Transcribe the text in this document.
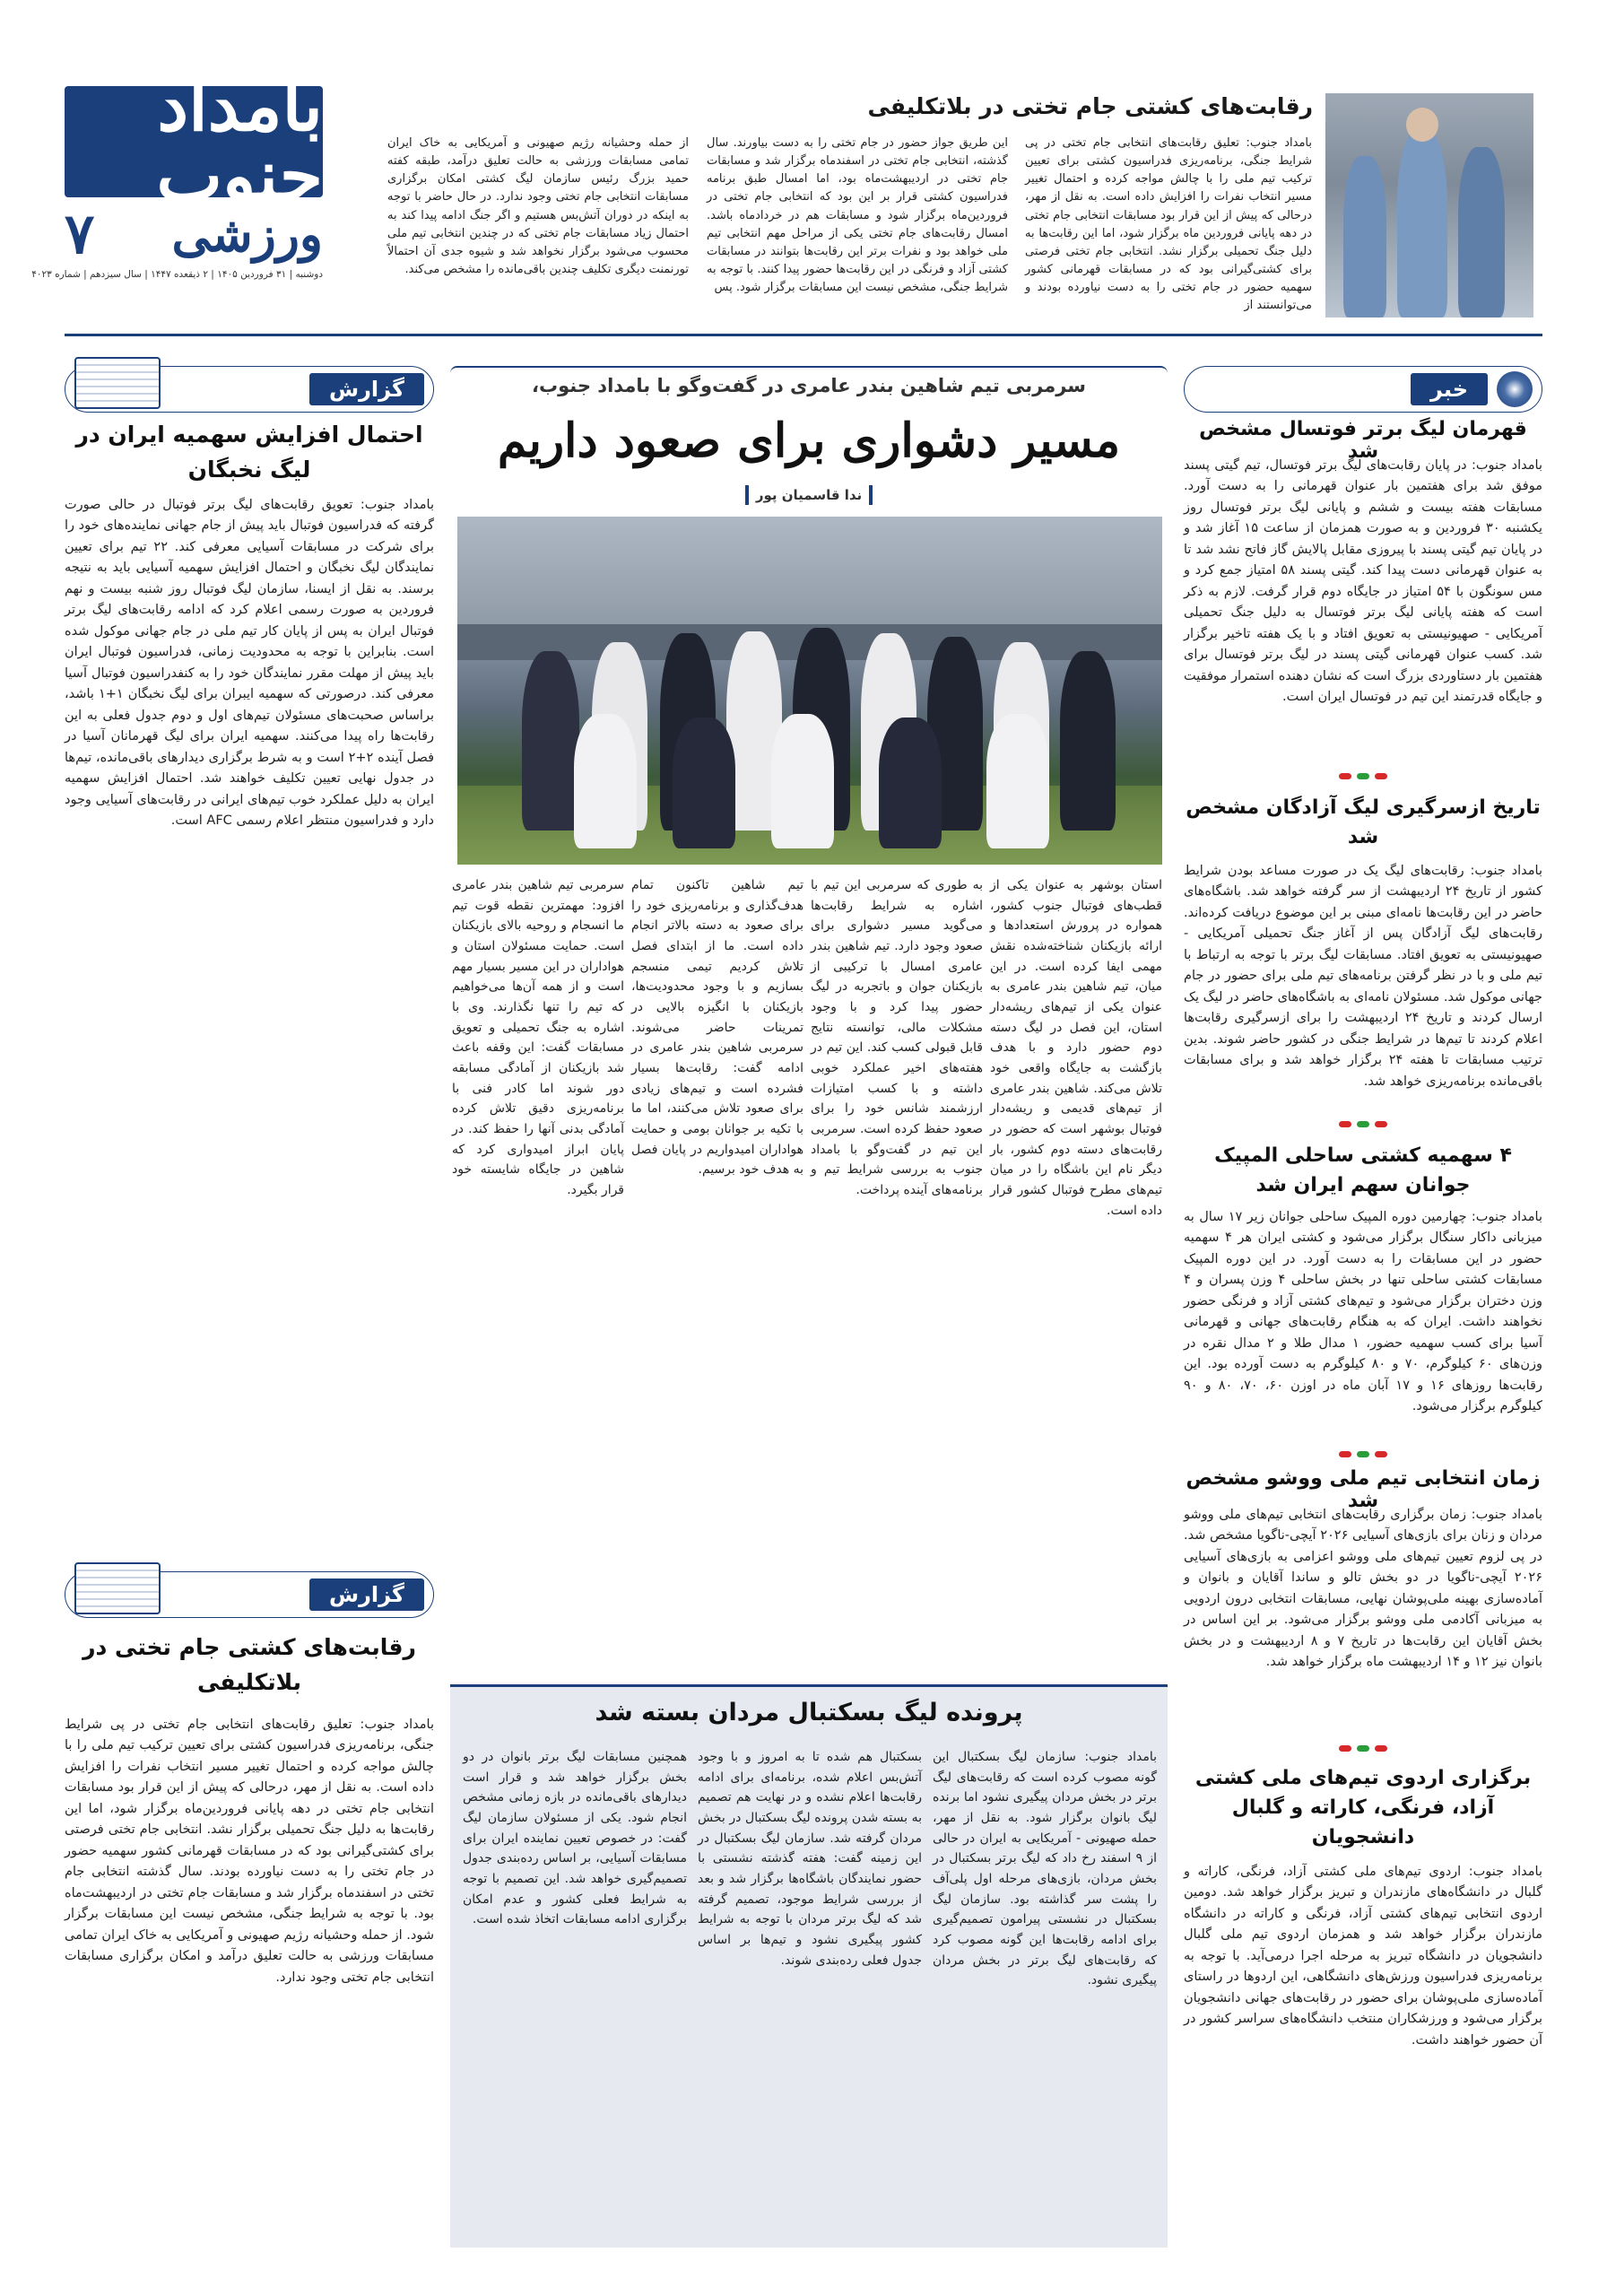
بامداد جنوب
۷ ورزشی
دوشنبه | ۳۱ فروردین ۱۴۰۵ | ۲ ذیقعده ۱۴۴۷ | سال سیزدهم | شماره ۴۰۲۳
رقابت‌های کشتی جام تختی در بلاتکلیفی
بامداد جنوب: تعلیق رقابت‌های انتخابی جام تختی در پی شرایط جنگی، برنامه‌ریزی فدراسیون کشتی برای تعیین ترکیب تیم ملی را با چالش مواجه کرده و احتمال تغییر مسیر انتخاب نفرات را افزایش داده است. به نقل از مهر، درحالی که پیش از این قرار بود مسابقات انتخابی جام تختی در دهه پایانی فروردین ماه برگزار شود، اما این رقابت‌ها به دلیل جنگ تحمیلی برگزار نشد. انتخابی جام تختی فرصتی برای کشتی‌گیرانی بود که در مسابقات قهرمانی کشور سهمیه حضور در جام تختی را به دست نیاورده بودند و می‌توانستند از
این طریق جواز حضور در جام تختی را به دست بیاورند. سال گذشته، انتخابی جام تختی در اسفندماه برگزار شد و مسابقات جام تختی در اردیبهشت‌ماه بود، اما امسال طبق برنامه فدراسیون کشتی قرار بر این بود که انتخابی جام تختی در فروردین‌ماه برگزار شود و مسابقات هم در خردادماه باشد. امسال رقابت‌های جام تختی یکی از مراحل مهم انتخابی تیم ملی خواهد بود و نفرات برتر این رقابت‌ها بتوانند در مسابقات کشتی آزاد و فرنگی در این رقابت‌ها حضور پیدا کنند. با توجه به شرایط جنگی، مشخص نیست این مسابقات برگزار شود. پس
از حمله وحشیانه رژیم صهیونی و آمریکایی به خاک ایران تمامی مسابقات ورزشی به حالت تعلیق درآمد، طبقه کفته حمید بزرگ رئیس سازمان لیگ کشتی امکان برگزاری مسابقات انتخابی جام تختی وجود ندارد. در حال حاضر با توجه به اینکه در دوران آتش‌بس هستیم و اگر جنگ ادامه پیدا کند به احتمال زیاد مسابقات جام تختی که در چندین انتخابی تیم ملی محسوب می‌شود برگزار نخواهد شد و شیوه جدی آن احتمالاً تورنمنت دیگری تکلیف چندین باقی‌مانده را مشخص می‌کند.
خبر
قهرمان لیگ برتر فوتسال مشخص شد
بامداد جنوب: در پایان رقابت‌های لیگ برتر فوتسال، تیم گیتی پسند موفق شد برای هفتمین بار عنوان قهرمانی را به دست آورد. مسابقات هفته بیست و ششم و پایانی لیگ برتر فوتسال روز یکشنبه ۳۰ فروردین و به صورت همزمان از ساعت ۱۵ آغاز شد و در پایان تیم گیتی پسند با پیروزی مقابل پالایش گاز فاتح نشد شد تا به عنوان قهرمانی دست پیدا کند. گیتی پسند ۵۸ امتیاز جمع کرد و مس سونگون با ۵۴ امتیاز در جایگاه دوم قرار گرفت. لازم به ذکر است که هفته پایانی لیگ برتر فوتسال به دلیل جنگ تحمیلی آمریکایی - صهیونیستی به تعویق افتاد و با یک هفته تاخیر برگزار شد. کسب عنوان قهرمانی گیتی پسند در لیگ برتر فوتسال برای هفتمین بار دستاوردی بزرگ است که نشان دهنده استمرار موفقیت و جایگاه قدرتمند این تیم در فوتسال ایران است.
تاریخ ازسرگیری لیگ آزادگان مشخص شد
بامداد جنوب: رقابت‌های لیگ یک در صورت مساعد بودن شرایط کشور از تاریخ ۲۴ اردیبهشت از سر گرفته خواهد شد. باشگاه‌های حاضر در این رقابت‌ها نامه‌ای مبنی بر این موضوع دریافت کرده‌اند. رقابت‌های لیگ آزادگان پس از آغاز جنگ تحمیلی آمریکایی - صهیونیستی به تعویق افتاد. مسابقات لیگ برتر با توجه به ارتباط با تیم ملی و با در نظر گرفتن برنامه‌های تیم ملی برای حضور در جام جهانی موکول شد. مسئولان نامه‌ای به باشگاه‌های حاضر در لیگ یک ارسال کردند و تاریخ ۲۴ اردیبهشت را برای ازسرگیری رقابت‌ها اعلام کردند تا تیم‌ها در شرایط جنگی در کشور حاضر شوند. بدین ترتیب مسابقات تا هفته ۲۴ برگزار خواهد شد و برای مسابقات باقی‌مانده برنامه‌ریزی خواهد شد.
۴ سهمیه کشتی ساحلی المپیک جوانان سهم ایران شد
بامداد جنوب: چهارمین دوره المپیک ساحلی جوانان زیر ۱۷ سال به میزبانی داکار سنگال برگزار می‌شود و کشتی ایران هر ۴ سهمیه حضور در این مسابقات را به دست آورد. در این دوره المپیک مسابقات کشتی ساحلی تنها در بخش ساحلی ۴ وزن پسران و ۴ وزن دختران برگزار می‌شود و تیم‌های کشتی آزاد و فرنگی حضور نخواهند داشت. ایران که به هنگام رقابت‌های جهانی و قهرمانی آسیا برای کسب سهمیه حضور، ۱ مدال طلا و ۲ مدال نقره در وزن‌های ۶۰ کیلوگرم، ۷۰ و ۸۰ کیلوگرم به دست آورده بود. این رقابت‌ها روزهای ۱۶ و ۱۷ آبان ماه در اوزن ۶۰، ۷۰، ۸۰ و ۹۰ کیلوگرم برگزار می‌شود.
زمان انتخابی تیم ملی ووشو مشخص شد
بامداد جنوب: زمان برگزاری رقابت‌های انتخابی تیم‌های ملی ووشو مردان و زنان برای بازی‌های آسیایی ۲۰۲۶ آیچی-ناگویا مشخص شد. در پی لزوم تعیین تیم‌های ملی ووشو اعزامی به بازی‌های آسیایی ۲۰۲۶ آیچی-ناگویا در دو بخش تالو و ساندا آقایان و بانوان و آماده‌سازی بهینه ملی‌پوشان نهایی، مسابقات انتخابی درون اردویی به میزبانی آکادمی ملی ووشو برگزار می‌شود. بر این اساس در بخش آقایان این رقابت‌ها در تاریخ ۷ و ۸ اردیبهشت و در بخش بانوان نیز ۱۲ و ۱۴ اردیبهشت ماه برگزار خواهد شد.
برگزاری اردوی تیم‌های ملی کشتی آزاد، فرنگی، کاراته و گلبال دانشجویان
بامداد جنوب: اردوی تیم‌های ملی کشتی آزاد، فرنگی، کاراته و گلبال در دانشگاه‌های مازندران و تبریز برگزار خواهد شد. دومین اردوی انتخابی تیم‌های کشتی آزاد، فرنگی و کاراته در دانشگاه مازندران برگزار خواهد شد و همزمان اردوی تیم ملی گلبال دانشجویان در دانشگاه تبریز به مرحله اجرا درمی‌آید. با توجه به برنامه‌ریزی فدراسیون ورزش‌های دانشگاهی، این اردوها در راستای آماده‌سازی ملی‌پوشان برای حضور در رقابت‌های جهانی دانشجویان برگزار می‌شود و ورزشکاران منتخب دانشگاه‌های سراسر کشور در آن حضور خواهند داشت.
گزارش
احتمال افزایش سهمیه ایران در لیگ نخبگان
بامداد جنوب: تعویق رقابت‌های لیگ برتر فوتبال در حالی صورت گرفته که فدراسیون فوتبال باید پیش از جام جهانی نماینده‌های خود را برای شرکت در مسابقات آسیایی معرفی کند. ۲۲ تیم برای تعیین نمایندگان لیگ نخبگان و احتمال افزایش سهمیه آسیایی باید به نتیجه برسند. به نقل از ایسنا، سازمان لیگ فوتبال روز شنبه بیست و نهم فروردین به صورت رسمی اعلام کرد که ادامه رقابت‌های لیگ برتر فوتبال ایران به پس از پایان کار تیم ملی در جام جهانی موکول شده است. بنابراین با توجه به محدودیت زمانی، فدراسیون فوتبال ایران باید پیش از مهلت مقرر نمایندگان خود را به کنفدراسیون فوتبال آسیا معرفی کند. درصورتی که سهمیه ایبران برای لیگ نخبگان ۱+۱ باشد، براساس صحبت‌های مسئولان تیم‌های اول و دوم جدول فعلی به این رقابت‌ها راه پیدا می‌کنند. سهمیه ایران برای لیگ قهرمانان آسیا در فصل آینده ۲+۲ است و به شرط برگزاری دیدارهای باقی‌مانده، تیم‌ها در جدول نهایی تعیین تکلیف خواهند شد. احتمال افزایش سهمیه ایران به دلیل عملکرد خوب تیم‌های ایرانی در رقابت‌های آسیایی وجود دارد و فدراسیون منتظر اعلام رسمی AFC است.
گزارش
رقابت‌های کشتی جام تختی در بلاتکلیفی
بامداد جنوب: تعلیق رقابت‌های انتخابی جام تختی در پی شرایط جنگی، برنامه‌ریزی فدراسیون کشتی برای تعیین ترکیب تیم ملی را با چالش مواجه کرده و احتمال تغییر مسیر انتخاب نفرات را افزایش داده است. به نقل از مهر، درحالی که پیش از این قرار بود مسابقات انتخابی جام تختی در دهه پایانی فروردین‌ماه برگزار شود، اما این رقابت‌ها به دلیل جنگ تحمیلی برگزار نشد. انتخابی جام تختی فرصتی برای کشتی‌گیرانی بود که در مسابقات قهرمانی کشور سهمیه حضور در جام تختی را به دست نیاورده بودند. سال گذشته انتخابی جام تختی در اسفندماه برگزار شد و مسابقات جام تختی در اردیبهشت‌ماه بود. با توجه به شرایط جنگی، مشخص نیست این مسابقات برگزار شود. از حمله وحشیانه رژیم صهیونی و آمریکایی به خاک ایران تمامی مسابقات ورزشی به حالت تعلیق درآمد و امکان برگزاری مسابقات انتخابی جام تختی وجود ندارد.
سرمربی تیم شاهین بندر عامری در گفت‌وگو با بامداد جنوب،
مسیر دشواری برای صعود داریم
ندا قاسمیان پور
استان بوشهر به عنوان یکی از قطب‌های فوتبال جنوب کشور، همواره در پرورش استعدادها و ارائه بازیکنان شناخته‌شده نقش مهمی ایفا کرده است. در این میان، تیم شاهین بندر عامری به عنوان یکی از تیم‌های ریشه‌دار استان، این فصل در لیگ دسته دوم حضور دارد و با هدف بازگشت به جایگاه واقعی خود تلاش می‌کند. شاهین بندر عامری از تیم‌های قدیمی و ریشه‌دار فوتبال بوشهر است که حضور در رقابت‌های دسته دوم کشور، بار دیگر نام این باشگاه را در میان تیم‌های مطرح فوتبال کشور قرار داده است.
به طوری که سرمربی این تیم با اشاره به شرایط رقابت‌ها می‌گوید مسیر دشواری برای صعود وجود دارد. تیم شاهین بندر عامری امسال با ترکیبی از بازیکنان جوان و باتجربه در لیگ حضور پیدا کرد و با وجود مشکلات مالی، توانسته نتایج قابل قبولی کسب کند. این تیم در هفته‌های اخیر عملکرد خوبی داشته و با کسب امتیازات ارزشمند شانس خود را برای صعود حفظ کرده است. سرمربی این تیم در گفت‌وگو با بامداد جنوب به بررسی شرایط تیم و برنامه‌های آینده پرداخت.
تیم شاهین تاکنون تمام هدف‌گذاری و برنامه‌ریزی خود را برای صعود به دسته بالاتر انجام داده است. ما از ابتدای فصل تلاش کردیم تیمی منسجم بسازیم و با وجود محدودیت‌ها، بازیکنان با انگیزه بالایی در تمرینات حاضر می‌شوند. سرمربی شاهین بندر عامری در ادامه گفت: رقابت‌ها بسیار فشرده است و تیم‌های زیادی برای صعود تلاش می‌کنند، اما ما با تکیه بر جوانان بومی و حمایت هواداران امیدواریم در پایان فصل به هدف خود برسیم.
سرمربی تیم شاهین بندر عامری افزود: مهمترین نقطه قوت تیم ما انسجام و روحیه بالای بازیکنان است. حمایت مسئولان استان و هواداران در این مسیر بسیار مهم است و از همه آن‌ها می‌خواهیم که تیم را تنها نگذارند. وی با اشاره به جنگ تحمیلی و تعویق مسابقات گفت: این وقفه باعث شد بازیکنان از آمادگی مسابقه دور شوند اما کادر فنی با برنامه‌ریزی دقیق تلاش کرده آمادگی بدنی آنها را حفظ کند. در پایان ابراز امیدواری کرد که شاهین در جایگاه شایسته خود قرار بگیرد.
پرونده لیگ بسکتبال مردان بسته شد
بامداد جنوب: سازمان لیگ بسکتبال این گونه مصوب کرده است که رقابت‌های لیگ برتر در بخش مردان پیگیری نشود اما برنده لیگ بانوان برگزار شود. به نقل از مهر، حمله صهیونی - آمریکایی به ایران در حالی از ۹ اسفند رخ داد که لیگ برتر بسکتبال در بخش مردان، بازی‌های مرحله اول پلی‌آف را پشت سر گذاشته بود. سازمان لیگ بسکتبال در نشستی پیرامون تصمیم‌گیری برای ادامه رقابت‌ها این گونه مصوب کرد که رقابت‌های لیگ برتر در بخش مردان پیگیری نشود.
بسکتبال هم شده تا به امروز و با وجود آتش‌بس اعلام شده، برنامه‌ای برای ادامه رقابت‌ها اعلام نشده و در نهایت هم تصمیم به بسته شدن پرونده لیگ بسکتبال در بخش مردان گرفته شد. سازمان لیگ بسکتبال در این زمینه گفت: هفته گذشته نشستی با حضور نمایندگان باشگاه‌ها برگزار شد و بعد از بررسی شرایط موجود، تصمیم گرفته شد که لیگ برتر مردان با توجه به شرایط کشور پیگیری نشود و تیم‌ها بر اساس جدول فعلی رده‌بندی شوند.
همچنین مسابقات لیگ برتر بانوان در دو بخش برگزار خواهد شد و قرار است دیدارهای باقی‌مانده در بازه زمانی مشخص انجام شود. یکی از مسئولان سازمان لیگ گفت: در خصوص تعیین نماینده ایران برای مسابقات آسیایی، بر اساس رده‌بندی جدول تصمیم‌گیری خواهد شد. این تصمیم با توجه به شرایط فعلی کشور و عدم امکان برگزاری ادامه مسابقات اتخاذ شده است.
